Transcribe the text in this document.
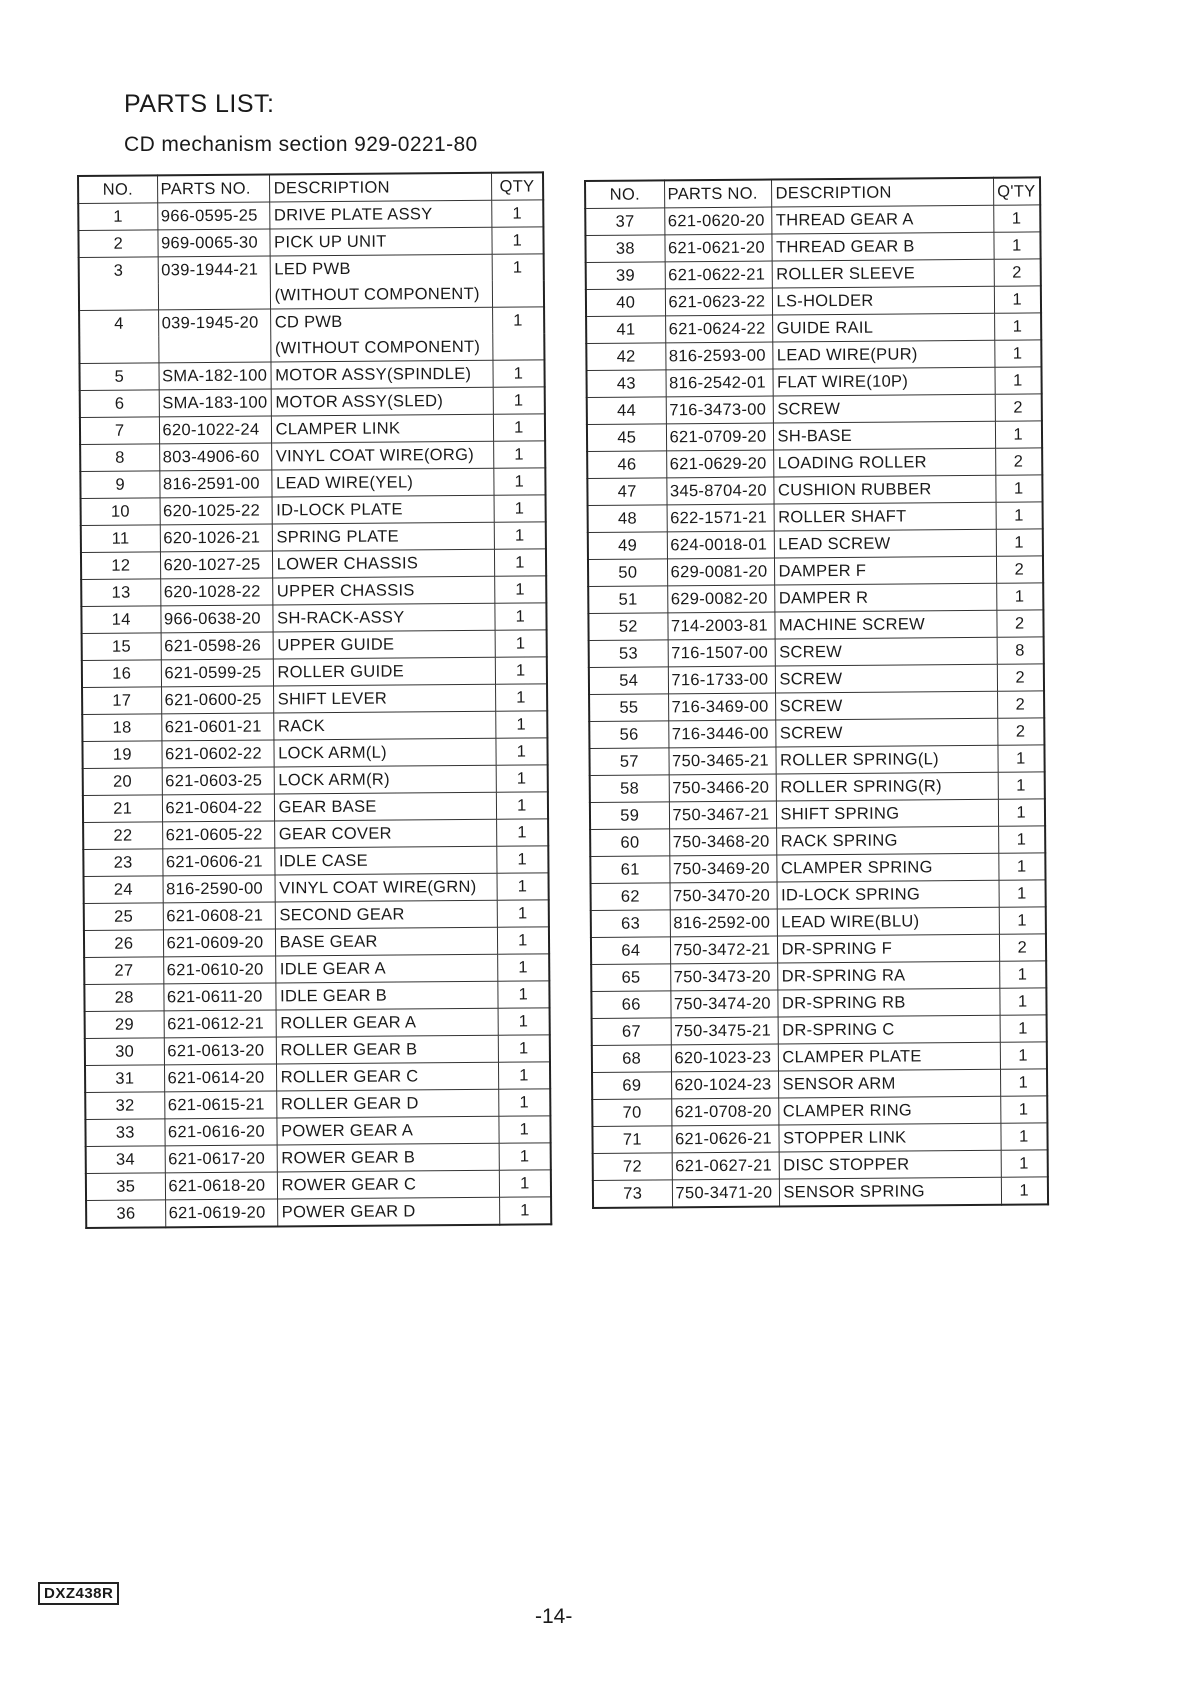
PARTS LIST:
CD mechanism section 929-0221-80
NO.	PARTS NO.	DESCRIPTION	QTY
1	966-0595-25	DRIVE PLATE ASSY	1
2	969-0065-30	PICK UP UNIT	1
3	039-1944-21	LED PWB	1
		(WITHOUT COMPONENT)	
4	039-1945-20	CD PWB	1
		(WITHOUT COMPONENT)	
5	SMA-182-100	MOTOR ASSY(SPINDLE)	1
6	SMA-183-100	MOTOR ASSY(SLED)	1
7	620-1022-24	CLAMPER LINK	1
8	803-4906-60	VINYL COAT WIRE(ORG)	1
9	816-2591-00	LEAD WIRE(YEL)	1
10	620-1025-22	ID-LOCK PLATE	1
11	620-1026-21	SPRING PLATE	1
12	620-1027-25	LOWER CHASSIS	1
13	620-1028-22	UPPER CHASSIS	1
14	966-0638-20	SH-RACK-ASSY	1
15	621-0598-26	UPPER GUIDE	1
16	621-0599-25	ROLLER GUIDE	1
17	621-0600-25	SHIFT LEVER	1
18	621-0601-21	RACK	1
19	621-0602-22	LOCK ARM(L)	1
20	621-0603-25	LOCK ARM(R)	1
21	621-0604-22	GEAR BASE	1
22	621-0605-22	GEAR COVER	1
23	621-0606-21	IDLE CASE	1
24	816-2590-00	VINYL COAT WIRE(GRN)	1
25	621-0608-21	SECOND GEAR	1
26	621-0609-20	BASE GEAR	1
27	621-0610-20	IDLE GEAR A	1
28	621-0611-20	IDLE GEAR B	1
29	621-0612-21	ROLLER GEAR A	1
30	621-0613-20	ROLLER GEAR B	1
31	621-0614-20	ROLLER GEAR C	1
32	621-0615-21	ROLLER GEAR D	1
33	621-0616-20	POWER GEAR A	1
34	621-0617-20	ROWER GEAR B	1
35	621-0618-20	ROWER GEAR C	1
36	621-0619-20	POWER GEAR D	1
NO.	PARTS NO.	DESCRIPTION	Q'TY
37	621-0620-20	THREAD GEAR A	1
38	621-0621-20	THREAD GEAR B	1
39	621-0622-21	ROLLER SLEEVE	2
40	621-0623-22	LS-HOLDER	1
41	621-0624-22	GUIDE RAIL	1
42	816-2593-00	LEAD WIRE(PUR)	1
43	816-2542-01	FLAT WIRE(10P)	1
44	716-3473-00	SCREW	2
45	621-0709-20	SH-BASE	1
46	621-0629-20	LOADING ROLLER	2
47	345-8704-20	CUSHION RUBBER	1
48	622-1571-21	ROLLER SHAFT	1
49	624-0018-01	LEAD SCREW	1
50	629-0081-20	DAMPER F	2
51	629-0082-20	DAMPER R	1
52	714-2003-81	MACHINE SCREW	2
53	716-1507-00	SCREW	8
54	716-1733-00	SCREW	2
55	716-3469-00	SCREW	2
56	716-3446-00	SCREW	2
57	750-3465-21	ROLLER SPRING(L)	1
58	750-3466-20	ROLLER SPRING(R)	1
59	750-3467-21	SHIFT SPRING	1
60	750-3468-20	RACK SPRING	1
61	750-3469-20	CLAMPER SPRING	1
62	750-3470-20	ID-LOCK SPRING	1
63	816-2592-00	LEAD WIRE(BLU)	1
64	750-3472-21	DR-SPRING F	2
65	750-3473-20	DR-SPRING RA	1
66	750-3474-20	DR-SPRING RB	1
67	750-3475-21	DR-SPRING C	1
68	620-1023-23	CLAMPER PLATE	1
69	620-1024-23	SENSOR ARM	1
70	621-0708-20	CLAMPER RING	1
71	621-0626-21	STOPPER LINK	1
72	621-0627-21	DISC STOPPER	1
73	750-3471-20	SENSOR SPRING	1
DXZ438R
-14-
